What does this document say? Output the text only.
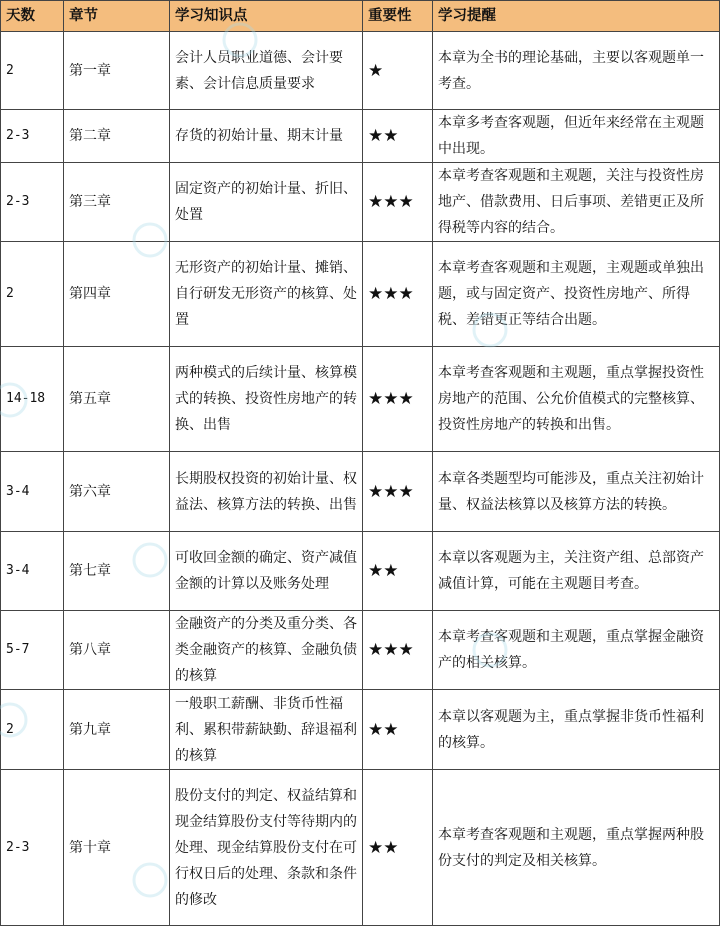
天数	章节	学习知识点	重要性	学习提醒
2	第一章	会计人员职业道德、会计要素、会计信息质量要求	★	本章为全书的理论基础，主要以客观题单一考查。
2-3	第二章	存货的初始计量、期末计量	★★	本章多考查客观题，但近年来经常在主观题中出现。
2-3	第三章	固定资产的初始计量、折旧、处置	★★★	本章考查客观题和主观题，关注与投资性房地产、借款费用、日后事项、差错更正及所得税等内容的结合。
2	第四章	无形资产的初始计量、摊销、自行研发无形资产的核算、处置	★★★	本章考查客观题和主观题，主观题或单独出题，或与固定资产、投资性房地产、所得税、差错更正等结合出题。
14-18	第五章	两种模式的后续计量、核算模式的转换、投资性房地产的转换、出售	★★★	本章考查客观题和主观题，重点掌握投资性房地产的范围、公允价值模式的完整核算、投资性房地产的转换和出售。
3-4	第六章	长期股权投资的初始计量、权益法、核算方法的转换、出售	★★★	本章各类题型均可能涉及，重点关注初始计量、权益法核算以及核算方法的转换。
3-4	第七章	可收回金额的确定、资产减值金额的计算以及账务处理	★★	本章以客观题为主，关注资产组、总部资产减值计算，可能在主观题目考查。
5-7	第八章	金融资产的分类及重分类、各类金融资产的核算、金融负债的核算	★★★	本章考查客观题和主观题，重点掌握金融资产的相关核算。
2	第九章	一般职工薪酬、非货币性福利、累积带薪缺勤、辞退福利的核算	★★	本章以客观题为主，重点掌握非货币性福利的核算。
2-3	第十章	股份支付的判定、权益结算和现金结算股份支付等待期内的处理、现金结算股份支付在可行权日后的处理、条款和条件的修改	★★	本章考查客观题和主观题，重点掌握两种股份支付的判定及相关核算。
